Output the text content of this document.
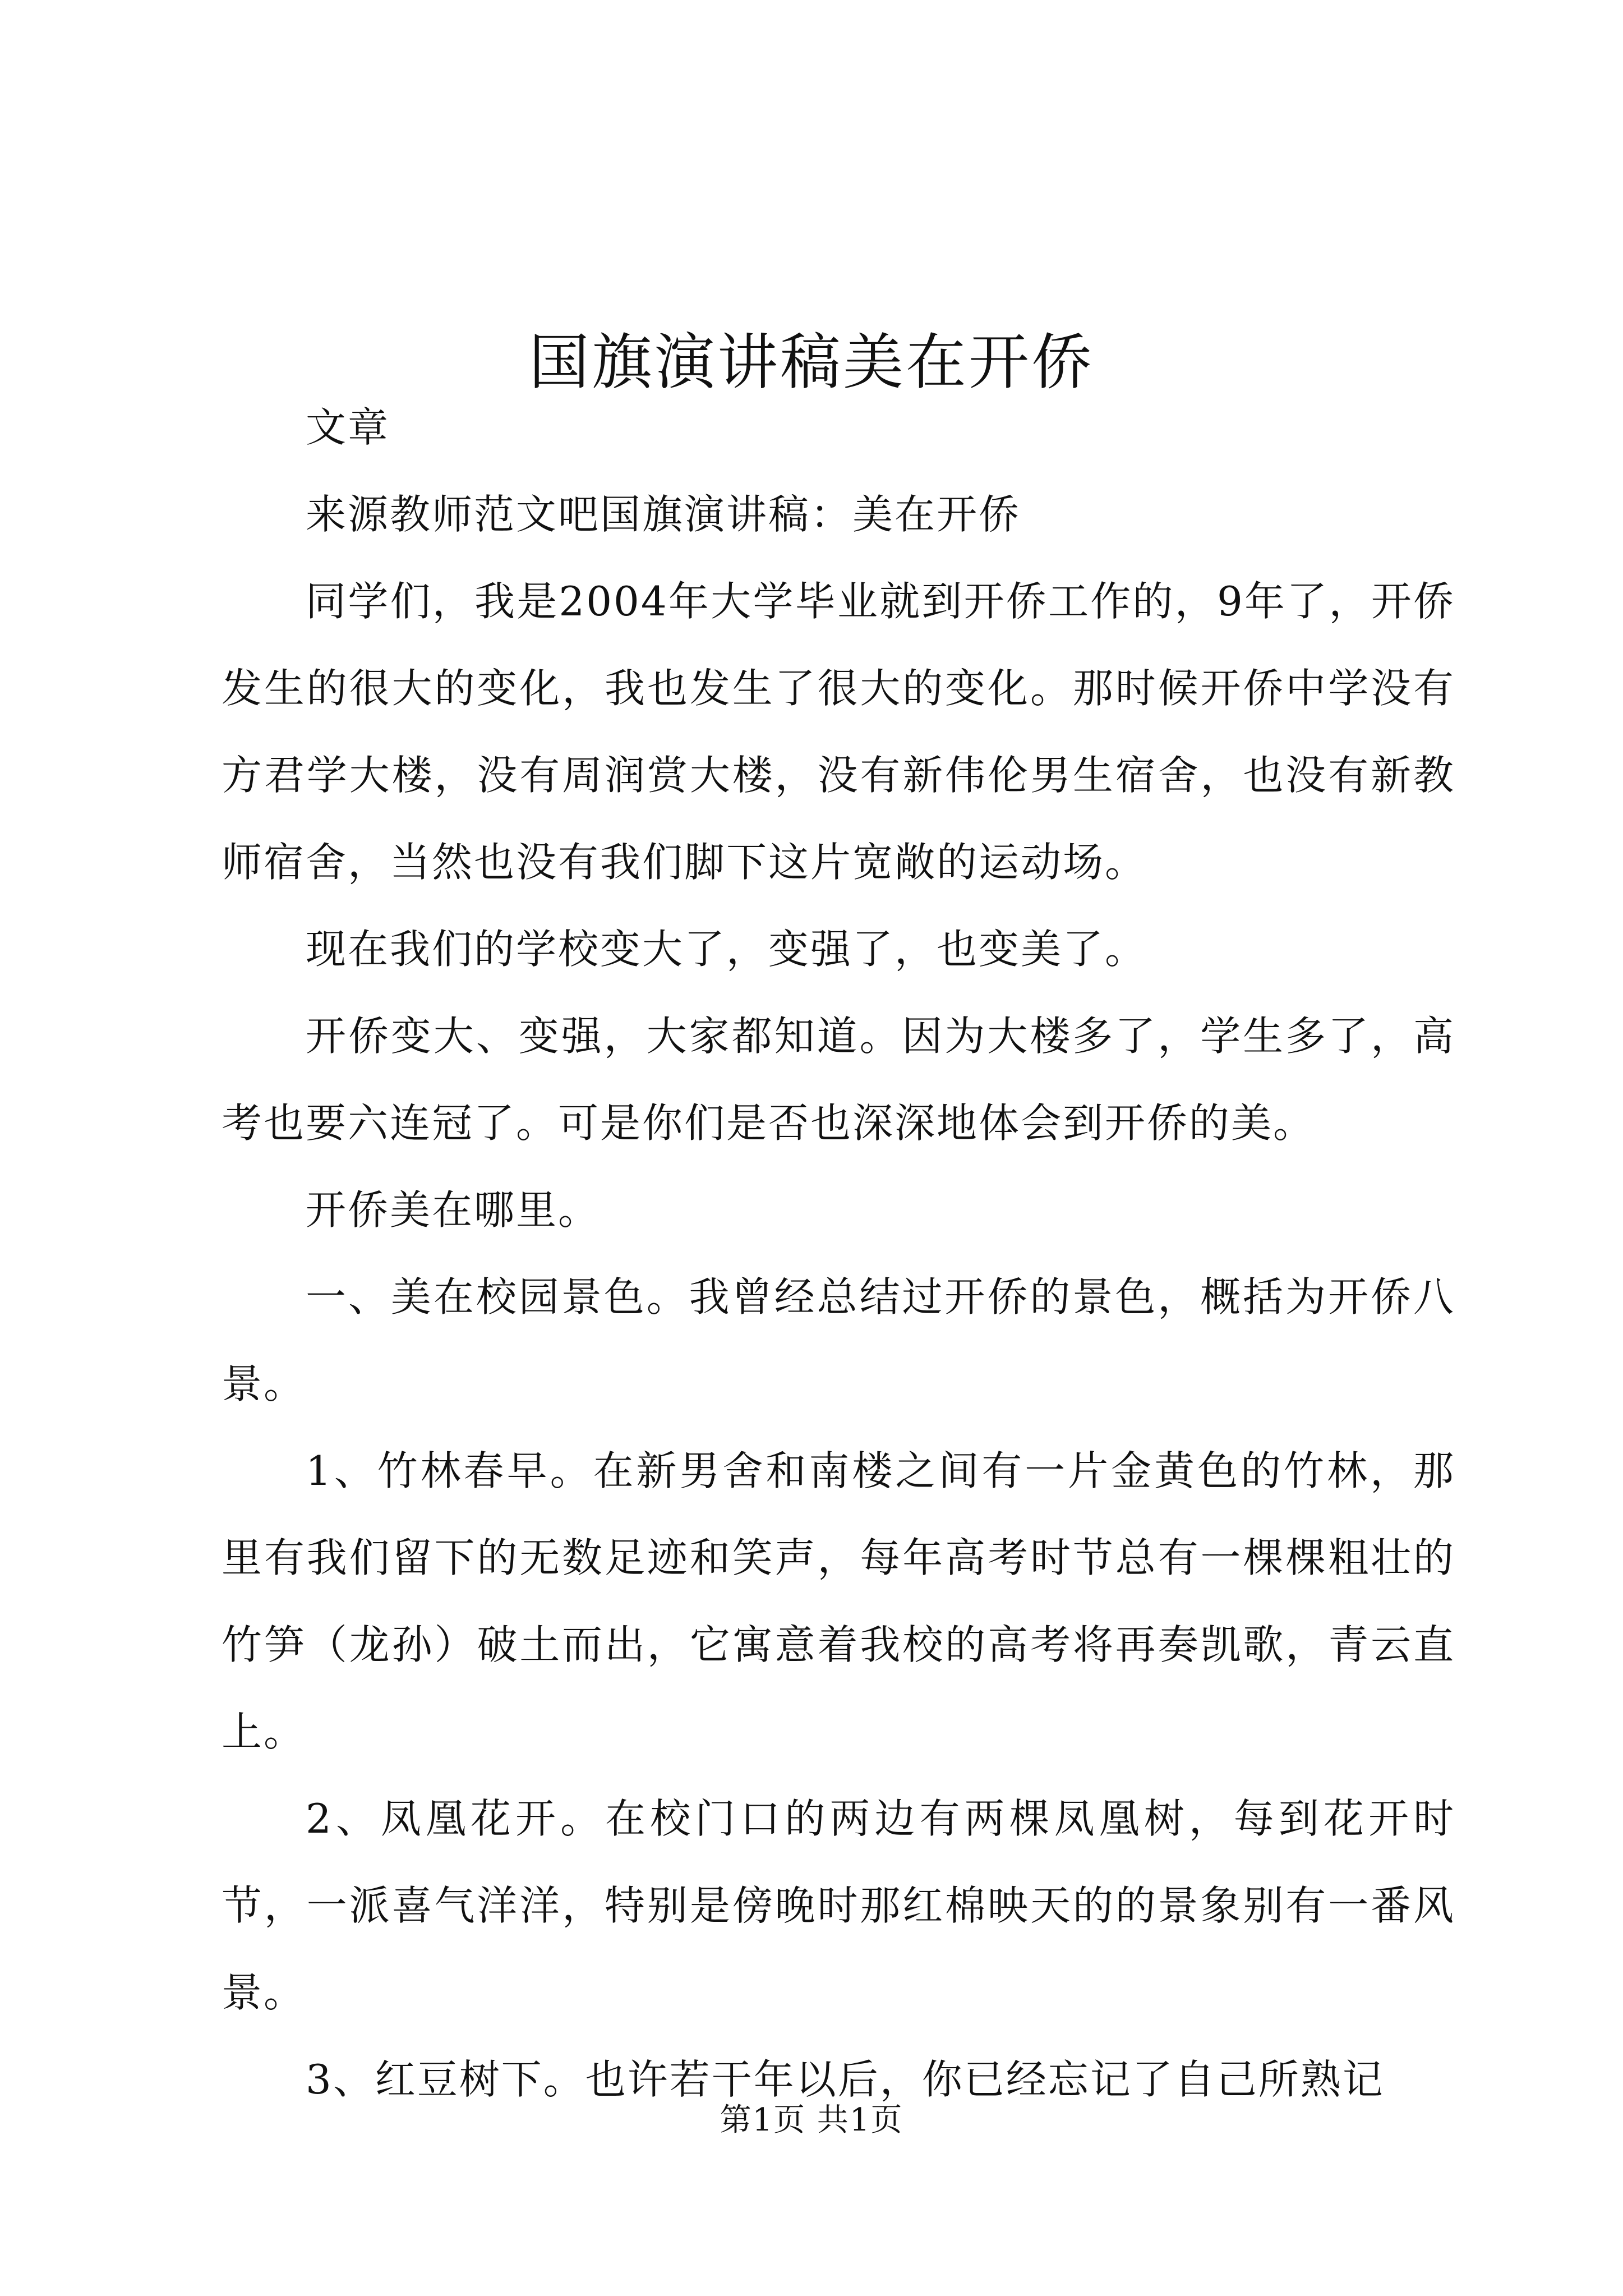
国旗演讲稿美在开侨

文章

来源教师范文吧国旗演讲稿：美在开侨

同学们，我是2004年大学毕业就到开侨工作的，9年了，开侨发生的很大的变化，我也发生了很大的变化。那时候开侨中学没有方君学大楼，没有周润赏大楼，没有新伟伦男生宿舍，也没有新教师宿舍，当然也没有我们脚下这片宽敞的运动场。

现在我们的学校变大了，变强了，也变美了。

开侨变大、变强，大家都知道。因为大楼多了，学生多了，高考也要六连冠了。可是你们是否也深深地体会到开侨的美。

开侨美在哪里。

一、美在校园景色。我曾经总结过开侨的景色，概括为开侨八景。

1、竹林春早。在新男舍和南楼之间有一片金黄色的竹林，那里有我们留下的无数足迹和笑声，每年高考时节总有一棵棵粗壮的竹笋（龙孙）破土而出，它寓意着我校的高考将再奏凯歌，青云直上。

2、凤凰花开。在校门口的两边有两棵凤凰树，每到花开时节，一派喜气洋洋，特别是傍晚时那红棉映天的的景象别有一番风景。

3、红豆树下。也许若干年以后，你已经忘记了自己所熟记

第1页 共1页
